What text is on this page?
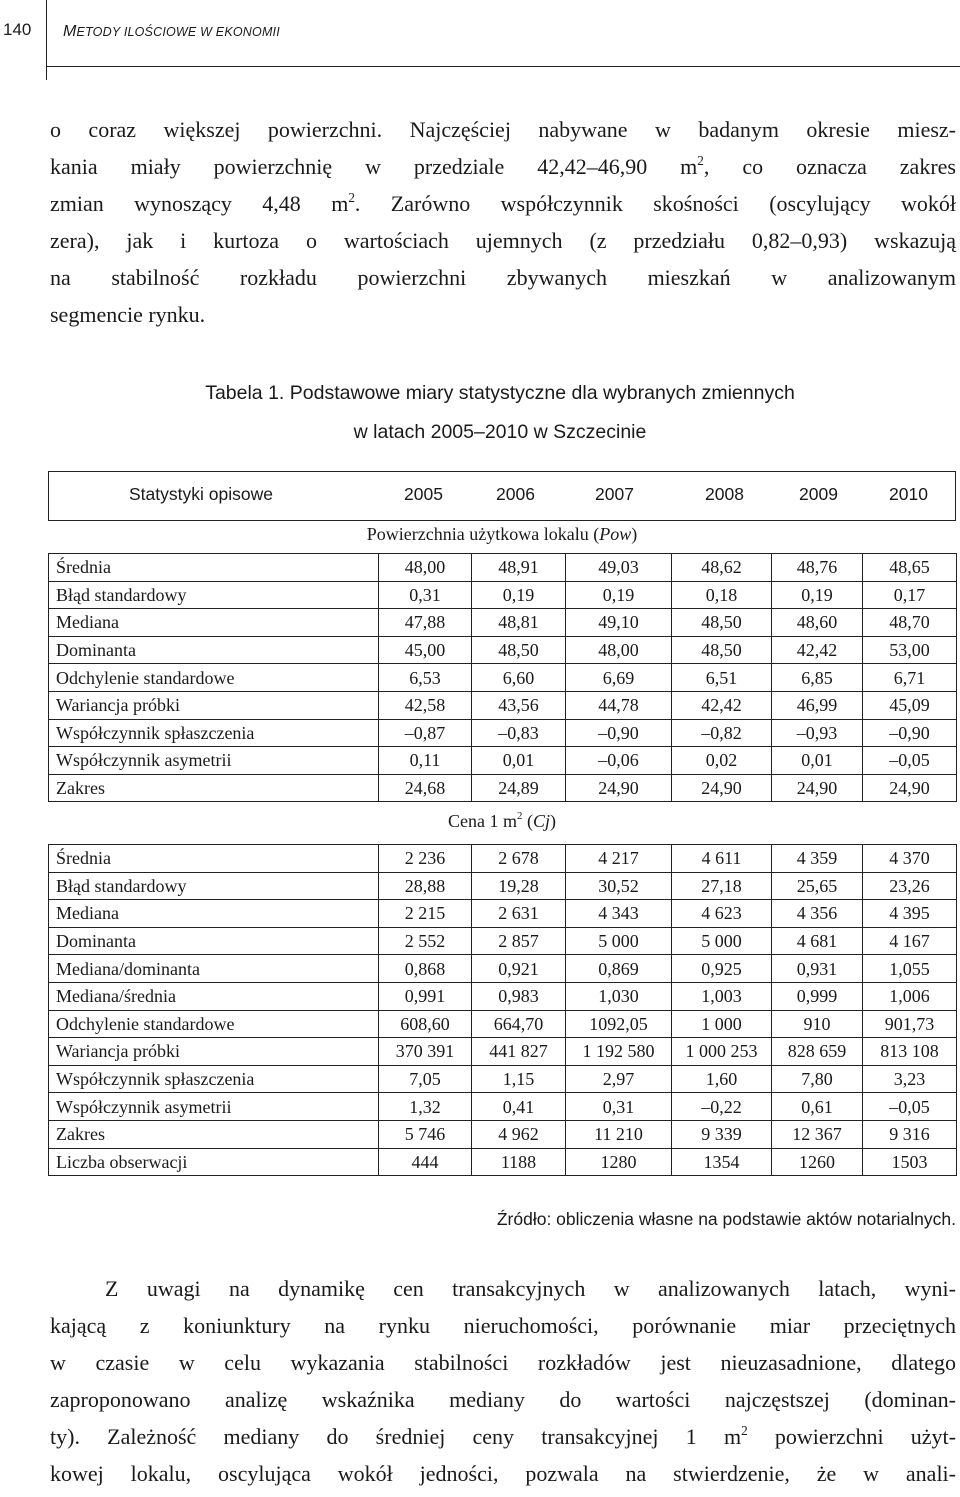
140 METODY ILOŚCIOWE W EKONOMII
o coraz większej powierzchni. Najczęściej nabywane w badanym okresie miesz-
kania miały powierzchnię w przedziale 42,42–46,90 $m^2$, co oznacza zakres
zmian wynoszący 4,48 $m^2$. Zarówno współczynnik skośności (oscylujący wokół
zera), jak i kurtoza o wartościach ujemnych (z przedziału 0,82–0,93) wskazują
na stabilność rozkładu powierzchni zbywanych mieszkań w analizowanym
segmencie rynku.
Tabela 1. Podstawowe miary statystyczne dla wybranych zmiennych
w latach 2005–2010 w Szczecinie
Statystyki opisowe	2005	2006	2007	2008	2009	2010
Powierzchnia użytkowa lokalu (Pow)
Średnia	48,00	48,91	49,03	48,62	48,76	48,65
Błąd standardowy	0,31	0,19	0,19	0,18	0,19	0,17
Mediana	47,88	48,81	49,10	48,50	48,60	48,70
Dominanta	45,00	48,50	48,00	48,50	42,42	53,00
Odchylenie standardowe	6,53	6,60	6,69	6,51	6,85	6,71
Wariancja próbki	42,58	43,56	44,78	42,42	46,99	45,09
Współczynnik spłaszczenia	–0,87	–0,83	–0,90	–0,82	–0,93	–0,90
Współczynnik asymetrii	0,11	0,01	–0,06	0,02	0,01	–0,05
Zakres	24,68	24,89	24,90	24,90	24,90	24,90
Cena 1 $m^2$ (Cj)
Średnia	2 236	2 678	4 217	4 611	4 359	4 370
Błąd standardowy	28,88	19,28	30,52	27,18	25,65	23,26
Mediana	2 215	2 631	4 343	4 623	4 356	4 395
Dominanta	2 552	2 857	5 000	5 000	4 681	4 167
Mediana/dominanta	0,868	0,921	0,869	0,925	0,931	1,055
Mediana/średnia	0,991	0,983	1,030	1,003	0,999	1,006
Odchylenie standardowe	608,60	664,70	1092,05	1 000	910	901,73
Wariancja próbki	370 391	441 827	1 192 580	1 000 253	828 659	813 108
Współczynnik spłaszczenia	7,05	1,15	2,97	1,60	7,80	3,23
Współczynnik asymetrii	1,32	0,41	0,31	–0,22	0,61	–0,05
Zakres	5 746	4 962	11 210	9 339	12 367	9 316
Liczba obserwacji	444	1188	1280	1354	1260	1503
Źródło: obliczenia własne na podstawie aktów notarialnych.
Z uwagi na dynamikę cen transakcyjnych w analizowanych latach, wyni-
kającą z koniunktury na rynku nieruchomości, porównanie miar przeciętnych
w czasie w celu wykazania stabilności rozkładów jest nieuzasadnione, dlatego
zaproponowano analizę wskaźnika mediany do wartości najczęstszej (dominan-
ty). Zależność mediany do średniej ceny transakcyjnej 1 $m^2$ powierzchni użyt-
kowej lokalu, oscylująca wokół jedności, pozwala na stwierdzenie, że w anali-
